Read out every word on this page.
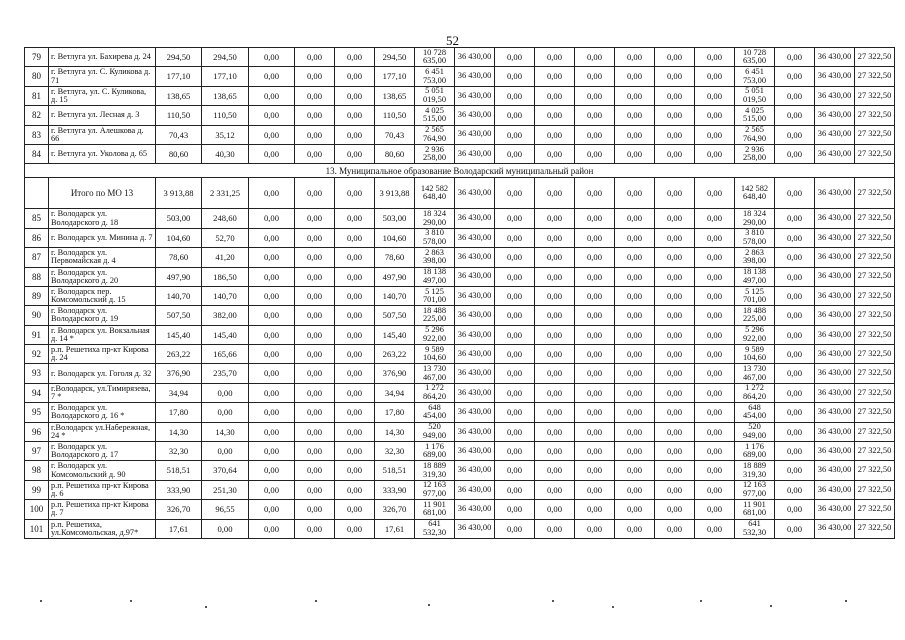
52
79	г. Ветлуга ул. Бахирева д. 24	294,50	294,50	0,00	0,00	0,00	294,50	10 728 635,00	36 430,00	0,00	0,00	0,00	0,00	0,00	0,00	10 728 635,00	0,00	36 430,00	27 322,50
80	г. Ветлуга ул. С. Куликова д. 71	177,10	177,10	0,00	0,00	0,00	177,10	6 451 753,00	36 430,00	0,00	0,00	0,00	0,00	0,00	0,00	6 451 753,00	0,00	36 430,00	27 322,50
81	г. Ветлуга, ул. С. Куликова, д. 15	138,65	138,65	0,00	0,00	0,00	138,65	5 051 019,50	36 430,00	0,00	0,00	0,00	0,00	0,00	0,00	5 051 019,50	0,00	36 430,00	27 322,50
82	г. Ветлуга ул. Лесная д. 3	110,50	110,50	0,00	0,00	0,00	110,50	4 025 515,00	36 430,00	0,00	0,00	0,00	0,00	0,00	0,00	4 025 515,00	0,00	36 430,00	27 322,50
83	г. Ветлуга ул. Алешкова д. 66	70,43	35,12	0,00	0,00	0,00	70,43	2 565 764,90	36 430,00	0,00	0,00	0,00	0,00	0,00	0,00	2 565 764,90	0,00	36 430,00	27 322,50
84	г. Ветлуга ул. Уколова д. 65	80,60	40,30	0,00	0,00	0,00	80,60	2 936 258,00	36 430,00	0,00	0,00	0,00	0,00	0,00	0,00	2 936 258,00	0,00	36 430,00	27 322,50
13. Муниципальное образование Володарский муниципальный район																			
	Итого по МО 13	3 913,88	2 331,25	0,00	0,00	0,00	3 913,88	142 582 648,40	36 430,00	0,00	0,00	0,00	0,00	0,00	0,00	142 582 648,40	0,00	36 430,00	27 322,50
85	г. Володарск ул. Володарского д. 18	503,00	248,60	0,00	0,00	0,00	503,00	18 324 290,00	36 430,00	0,00	0,00	0,00	0,00	0,00	0,00	18 324 290,00	0,00	36 430,00	27 322,50
86	г. Володарск ул. Минина д. 7	104,60	52,70	0,00	0,00	0,00	104,60	3 810 578,00	36 430,00	0,00	0,00	0,00	0,00	0,00	0,00	3 810 578,00	0,00	36 430,00	27 322,50
87	г. Володарск ул. Первомайская д. 4	78,60	41,20	0,00	0,00	0,00	78,60	2 863 398,00	36 430,00	0,00	0,00	0,00	0,00	0,00	0,00	2 863 398,00	0,00	36 430,00	27 322,50
88	г. Володарск ул. Володарского д. 20	497,90	186,50	0,00	0,00	0,00	497,90	18 138 497,00	36 430,00	0,00	0,00	0,00	0,00	0,00	0,00	18 138 497,00	0,00	36 430,00	27 322,50
89	г. Володарск пер. Комсомольский д. 15	140,70	140,70	0,00	0,00	0,00	140,70	5 125 701,00	36 430,00	0,00	0,00	0,00	0,00	0,00	0,00	5 125 701,00	0,00	36 430,00	27 322,50
90	г. Володарск ул. Володарского д. 19	507,50	382,00	0,00	0,00	0,00	507,50	18 488 225,00	36 430,00	0,00	0,00	0,00	0,00	0,00	0,00	18 488 225,00	0,00	36 430,00	27 322,50
91	г. Володарск ул. Вокзальная д. 14 *	145,40	145,40	0,00	0,00	0,00	145,40	5 296 922,00	36 430,00	0,00	0,00	0,00	0,00	0,00	0,00	5 296 922,00	0,00	36 430,00	27 322,50
92	р.п. Решетиха пр-кт Кирова д. 24	263,22	165,66	0,00	0,00	0,00	263,22	9 589 104,60	36 430,00	0,00	0,00	0,00	0,00	0,00	0,00	9 589 104,60	0,00	36 430,00	27 322,50
93	г. Володарск ул. Гоголя д. 32	376,90	235,70	0,00	0,00	0,00	376,90	13 730 467,00	36 430,00	0,00	0,00	0,00	0,00	0,00	0,00	13 730 467,00	0,00	36 430,00	27 322,50
94	г.Володарск, ул.Тимирязева, 7 *	34,94	0,00	0,00	0,00	0,00	34,94	1 272 864,20	36 430,00	0,00	0,00	0,00	0,00	0,00	0,00	1 272 864,20	0,00	36 430,00	27 322,50
95	г. Володарск ул. Володарского д. 16 *	17,80	0,00	0,00	0,00	0,00	17,80	648 454,00	36 430,00	0,00	0,00	0,00	0,00	0,00	0,00	648 454,00	0,00	36 430,00	27 322,50
96	г.Володарск ул.Набережная, 24 *	14,30	14,30	0,00	0,00	0,00	14,30	520 949,00	36 430,00	0,00	0,00	0,00	0,00	0,00	0,00	520 949,00	0,00	36 430,00	27 322,50
97	г. Володарск ул. Володарского д. 17	32,30	0,00	0,00	0,00	0,00	32,30	1 176 689,00	36 430,00	0,00	0,00	0,00	0,00	0,00	0,00	1 176 689,00	0,00	36 430,00	27 322,50
98	г. Володарск ул. Комсомольский д. 90	518,51	370,64	0,00	0,00	0,00	518,51	18 889 319,30	36 430,00	0,00	0,00	0,00	0,00	0,00	0,00	18 889 319,30	0,00	36 430,00	27 322,50
99	р.п. Решетиха пр-кт Кирова д. 6	333,90	251,30	0,00	0,00	0,00	333,90	12 163 977,00	36 430,00	0,00	0,00	0,00	0,00	0,00	0,00	12 163 977,00	0,00	36 430,00	27 322,50
100	р.п. Решетиха пр-кт Кирова д. 7	326,70	96,55	0,00	0,00	0,00	326,70	11 901 681,00	36 430,00	0,00	0,00	0,00	0,00	0,00	0,00	11 901 681,00	0,00	36 430,00	27 322,50
101	р.п. Решетиха, ул.Комсомольская, д.97*	17,61	0,00	0,00	0,00	0,00	17,61	641 532,30	36 430,00	0,00	0,00	0,00	0,00	0,00	0,00	641 532,30	0,00	36 430,00	27 322,50
